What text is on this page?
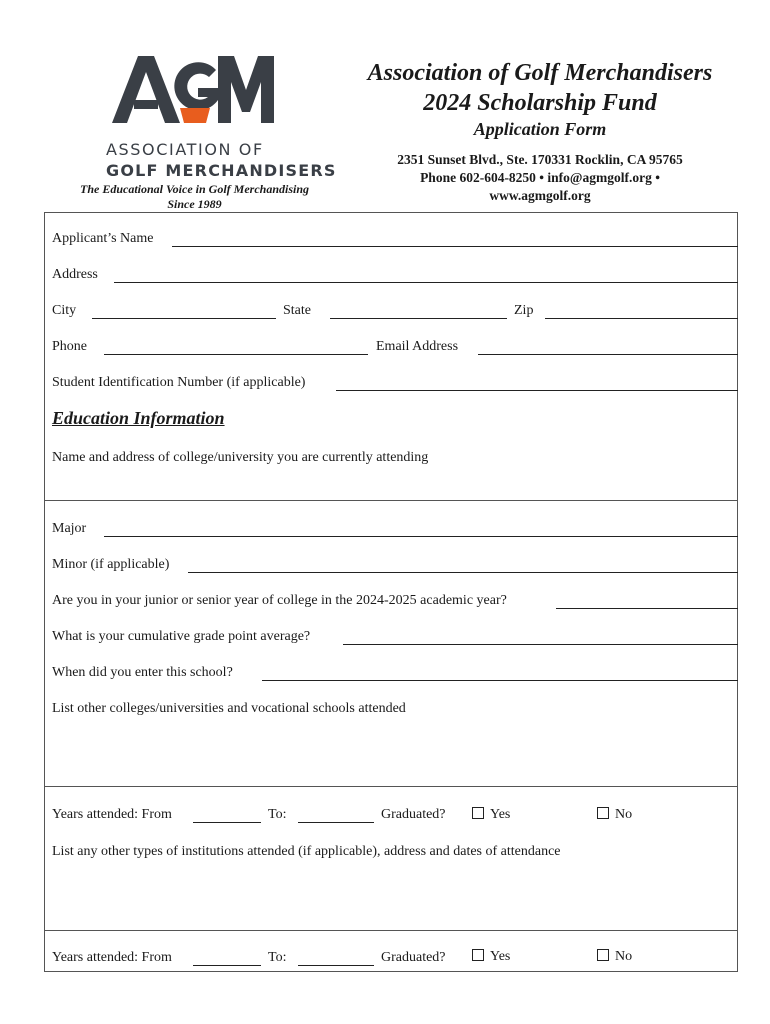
ASSOCIATION OF
GOLF MERCHANDISERS
The Educational Voice in Golf Merchandising
Since 1989
Association of Golf Merchandisers
2024 Scholarship Fund
Application Form
2351 Sunset Blvd., Ste. 170331 Rocklin, CA 95765
Phone 602-604-8250 • info@agmgolf.org •
www.agmgolf.org
Applicant’s Name
Address
City	State	Zip
Phone	Email Address
Student Identification Number (if applicable)
Education Information
Name and address of college/university you are currently attending
Major
Minor (if applicable)
Are you in your junior or senior year of college in the 2024-2025 academic year?
What is your cumulative grade point average?
When did you enter this school?
List other colleges/universities and vocational schools attended
Years attended: From	To:	Graduated?	Yes	No
List any other types of institutions attended (if applicable), address and dates of attendance
Years attended: From	To:	Graduated?	Yes	No
